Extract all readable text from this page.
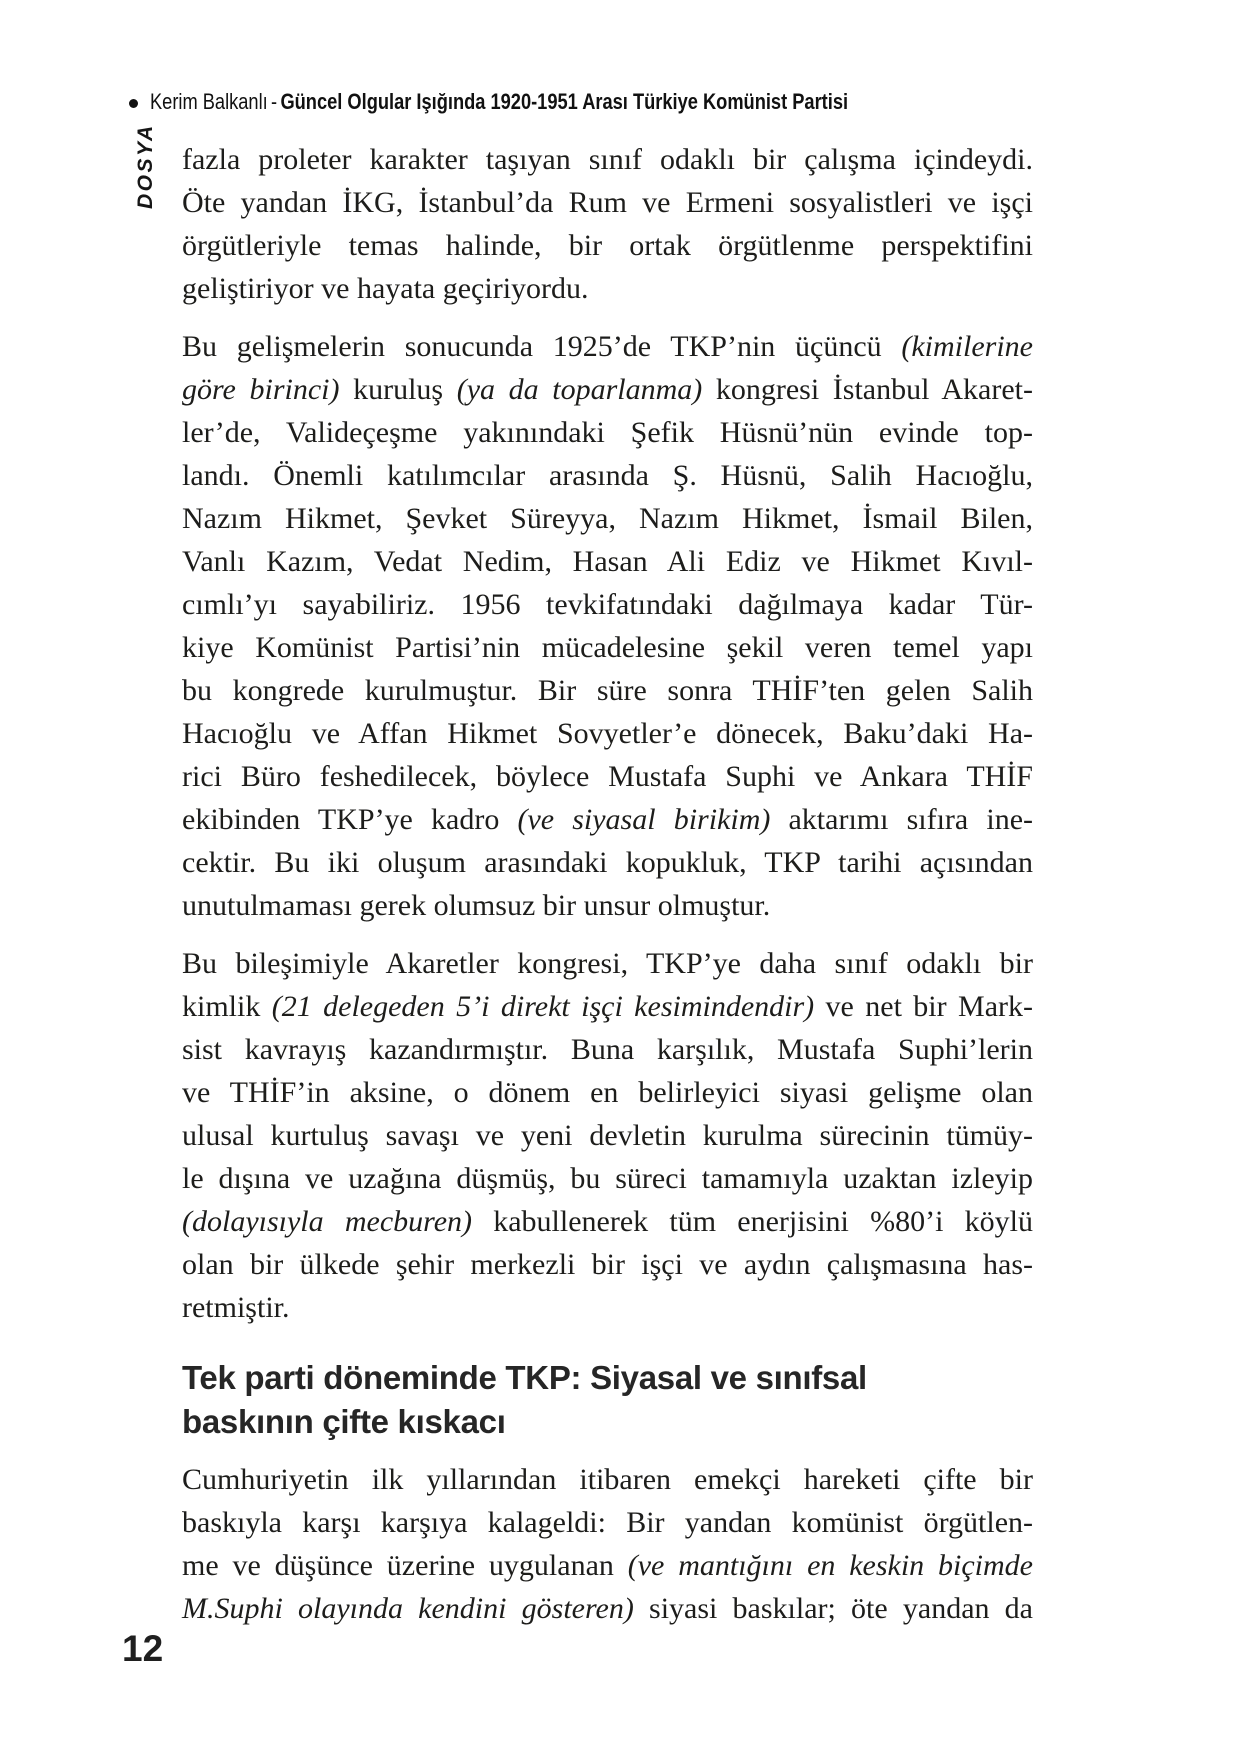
Kerim Balkanlı - Güncel Olgular Işığında 1920-1951 Arası Türkiye Komünist Partisi
DOSYA fazla proleter karakter taşıyan sınıf odaklı bir çalışma içindeydi.
Öte yandan İKG, İstanbul’da Rum ve Ermeni sosyalistleri ve işçi
örgütleriyle temas halinde, bir ortak örgütlenme perspektifini
geliştiriyor ve hayata geçiriyordu.
Bu gelişmelerin sonucunda 1925’de TKP’nin üçüncü (kimilerine
göre birinci) kuruluş (ya da toparlanma) kongresi İstanbul Akaret-
ler’de, Valideçeşme yakınındaki Şefik Hüsnü’nün evinde top-
landı. Önemli katılımcılar arasında Ş. Hüsnü, Salih Hacıoğlu,
Nazım Hikmet, Şevket Süreyya, Nazım Hikmet, İsmail Bilen,
Vanlı Kazım, Vedat Nedim, Hasan Ali Ediz ve Hikmet Kıvıl-
cımlı’yı sayabiliriz. 1956 tevkifatındaki dağılmaya kadar Tür-
kiye Komünist Partisi’nin mücadelesine şekil veren temel yapı
bu kongrede kurulmuştur. Bir süre sonra THİF’ten gelen Salih
Hacıoğlu ve Affan Hikmet Sovyetler’e dönecek, Baku’daki Ha-
rici Büro feshedilecek, böylece Mustafa Suphi ve Ankara THİF
ekibinden TKP’ye kadro (ve siyasal birikim) aktarımı sıfıra ine-
cektir. Bu iki oluşum arasındaki kopukluk, TKP tarihi açısından
unutulmaması gerek olumsuz bir unsur olmuştur.
Bu bileşimiyle Akaretler kongresi, TKP’ye daha sınıf odaklı bir
kimlik (21 delegeden 5’i direkt işçi kesimindendir) ve net bir Mark-
sist kavrayış kazandırmıştır. Buna karşılık, Mustafa Suphi’lerin
ve THİF’in aksine, o dönem en belirleyici siyasi gelişme olan
ulusal kurtuluş savaşı ve yeni devletin kurulma sürecinin tümüy-
le dışına ve uzağına düşmüş, bu süreci tamamıyla uzaktan izleyip
(dolayısıyla mecburen) kabullenerek tüm enerjisini %80’i köylü
olan bir ülkede şehir merkezli bir işçi ve aydın çalışmasına has-
retmiştir.
Tek parti döneminde TKP: Siyasal ve sınıfsal
baskının çifte kıskacı
Cumhuriyetin ilk yıllarından itibaren emekçi hareketi çifte bir
baskıyla karşı karşıya kalageldi: Bir yandan komünist örgütlen-
me ve düşünce üzerine uygulanan (ve mantığını en keskin biçimde
M.Suphi olayında kendini gösteren) siyasi baskılar; öte yandan da
12
